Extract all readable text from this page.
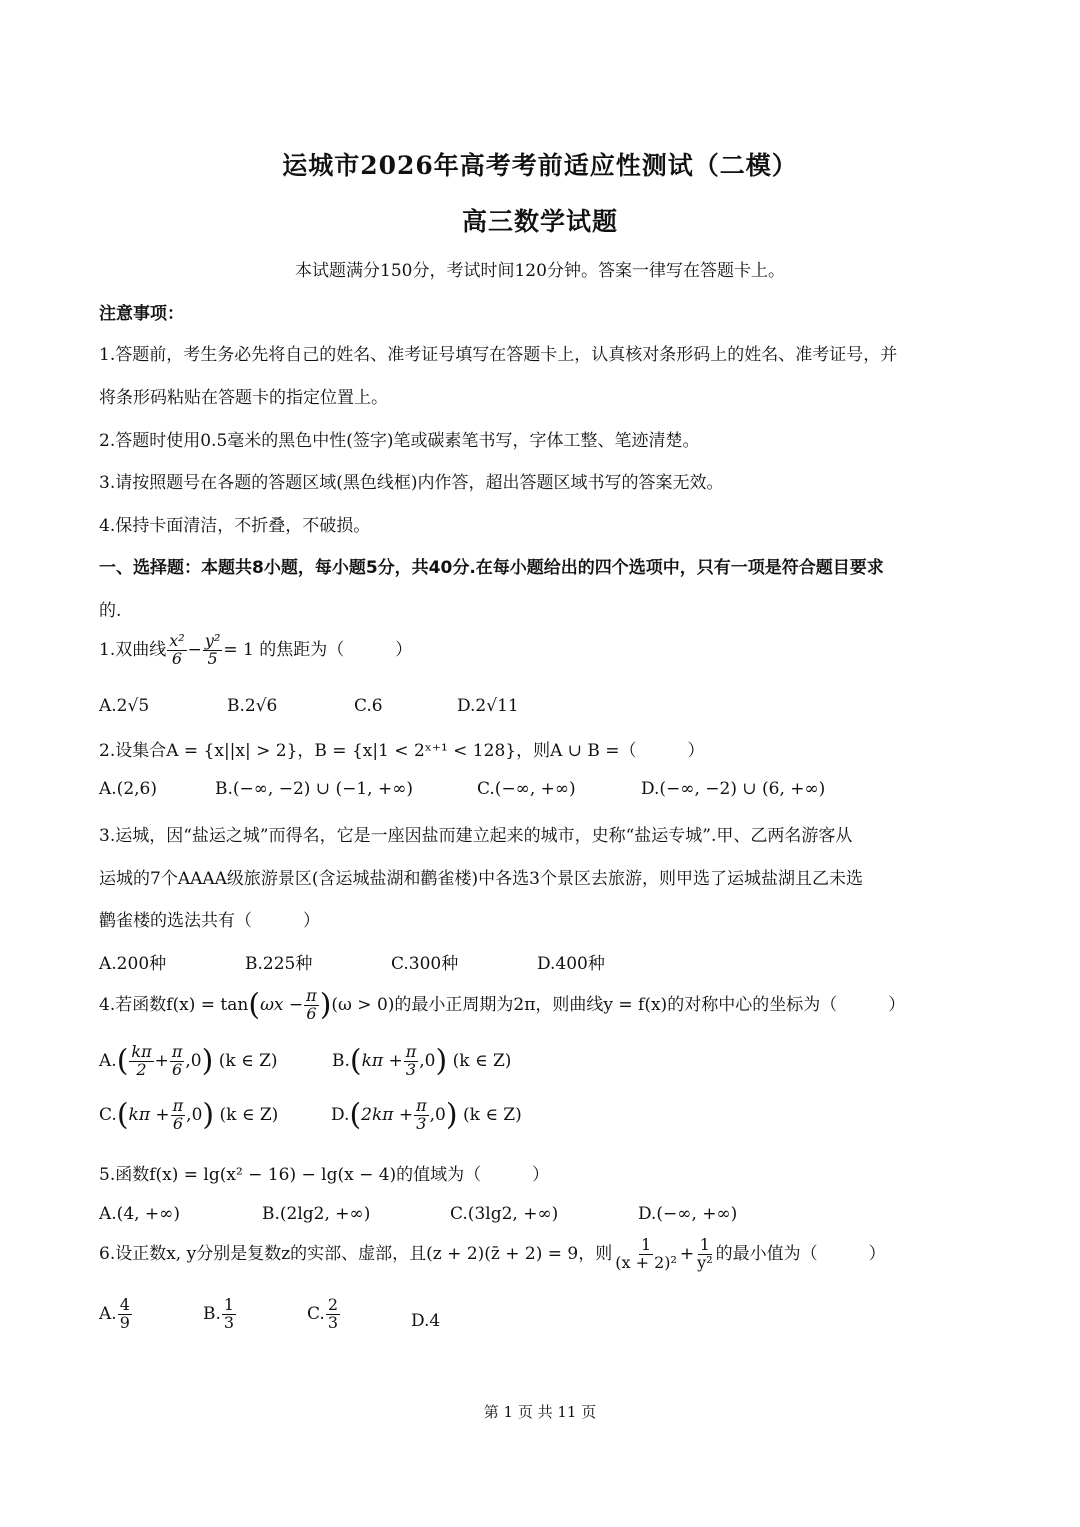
运城市2026年高考考前适应性测试（二模）
高三数学试题
本试题满分150分，考试时间120分钟。答案一律写在答题卡上。
注意事项：
1.答题前，考生务必先将自己的姓名、准考证号填写在答题卡上，认真核对条形码上的姓名、准考证号，并
将条形码粘贴在答题卡的指定位置上。
2.答题时使用0.5毫米的黑色中性(签字)笔或碳素笔书写，字体工整、笔迹清楚。
3.请按照题号在各题的答题区域(黑色线框)内作答，超出答题区域书写的答案无效。
4.保持卡面清洁，不折叠，不破损。
一、选择题：本题共8小题，每小题5分，共40分.在每小题给出的四个选项中，只有一项是符合题目要求
的.
1.双曲线 $\frac{\text{x²}}{6} - \frac{\text{y²}}{5} = 1$ 的焦距为（　　　）
A.2√5	B.2√6	C.6	D.2√11
2.设集合A = {x||x| > 2}，B = {x|1 < 2ˣ⁺¹ < 128}，则A ∪ B =（　　　）
A.(2,6)	B.(−∞, −2) ∪ (−1, +∞)	C.(−∞, +∞)	D.(−∞, −2) ∪ (6, +∞)
3.运城，因“盐运之城”而得名，它是一座因盐而建立起来的城市，史称“盐运专城”.甲、乙两名游客从
运城的7个AAAA级旅游景区(含运城盐湖和鹳雀楼)中各选3个景区去旅游，则甲选了运城盐湖且乙未选
鹳雀楼的选法共有（　　　）
A.200种	B.225种	C.300种	D.400种
4.若函数$f(x) = \tan(\omega x - \frac{\pi}{6} )(\omega > 0)$的最小正周期为2π，则曲线y = f(x)的对称中心的坐标为（　　　）
$A.( \frac{k\pi}{2} + \frac{\pi}{6} ,0)$ (k ∈ Z)	$B.(k\pi + \frac{\pi}{3} ,0)$ (k ∈ Z)
$C.(k\pi + \frac{\pi}{6} ,0)$ (k ∈ Z)	$D.(2k\pi + \frac{\pi}{3} ,0)$ (k ∈ Z)
5.函数f(x) = lg(x² − 16) − lg(x − 4)的值域为（　　　）
A.(4, +∞)	B.(2lg2, +∞)	C.(3lg2, +∞)	D.(−∞, +∞)
6.设正数x, y分别是复数z的实部、虚部，且(z + 2)(z̄ + 2) = 9，则 $\frac{1}{\text{(x + 2)²}} + \frac{1}{\text{y²}}$ 的最小值为（　　　）
A. $\frac{4}{9}$	B. $\frac{1}{3}$	C. $\frac{2}{3}$	D.4
第 1 页 共 11 页
